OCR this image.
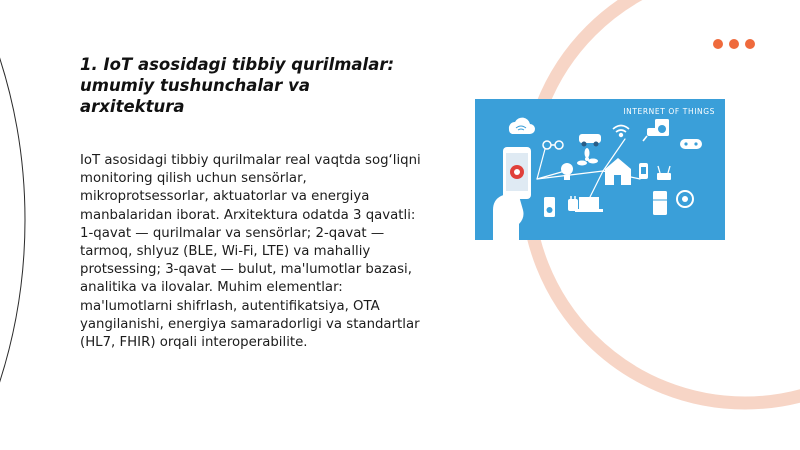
1. IoT asosidagi tibbiy qurilmalar: umumiy tushunchalar va arxitektura
IoT asosidagi tibbiy qurilmalar real vaqtda sog‘liqni monitoring qilish uchun sensörlar, mikroprotsessorlar, aktuatorlar va energiya manbalaridan iborat. Arxitektura odatda 3 qavatli: 1-qavat — qurilmalar va sensörlar; 2-qavat — tarmoq, shlyuz (BLE, Wi-Fi, LTE) va mahalliy protsessing; 3-qavat — bulut, ma'lumotlar bazasi, analitika va ilovalar. Muhim elementlar: ma'lumotlarni shifrlash, autentifikatsiya, OTA yangilanishi, energiya samaradorligi va standartlar (HL7, FHIR) orqali interoperabilite.
INTERNET OF THINGS
